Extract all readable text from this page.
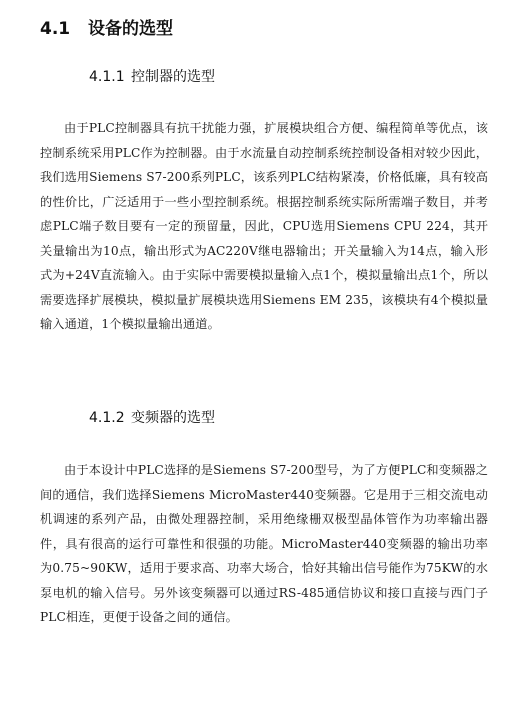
4.1 设备的选型
4.1.1 控制器的选型

由于PLC控制器具有抗干扰能力强，扩展模块组合方便、编程简单等优点，该控制系统采用PLC作为控制器。由于水流量自动控制系统控制设备相对较少因此，我们选用Siemens S7-200系列PLC，该系列PLC结构紧凑，价格低廉，具有较高的性价比，广泛适用于一些小型控制系统。根据控制系统实际所需端子数目，并考虑PLC端子数目要有一定的预留量，因此，CPU选用Siemens CPU 224，其开关量输出为10点，输出形式为AC220V继电器输出；开关量输入为14点，输入形式为+24V直流输入。由于实际中需要模拟量输入点1个，模拟量输出点1个，所以需要选择扩展模块，模拟量扩展模块选用Siemens EM 235，该模块有4个模拟量输入通道，1个模拟量输出通道。

4.1.2 变频器的选型

由于本设计中PLC选择的是Siemens S7-200型号，为了方便PLC和变频器之间的通信，我们选择Siemens MicroMaster440变频器。它是用于三相交流电动机调速的系列产品，由微处理器控制，采用绝缘栅双极型晶体管作为功率输出器件，具有很高的运行可靠性和很强的功能。MicroMaster440变频器的输出功率为0.75~90KW，适用于要求高、功率大场合，恰好其输出信号能作为75KW的水泵电机的输入信号。另外该变频器可以通过RS-485通信协议和接口直接与西门子PLC相连，更便于设备之间的通信。
